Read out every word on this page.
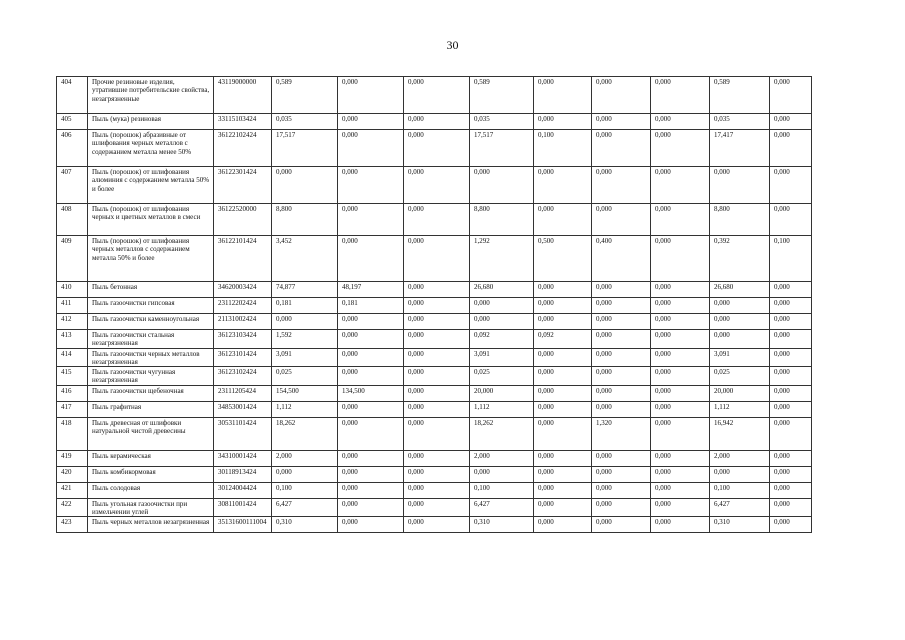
30
404	Прочие резиновые изделия, утратившие потребительские свойства, незагрязненные	43119000000	0,589	0,000	0,000	0,589	0,000	0,000	0,000	0,589	0,000
405	Пыль (мука) резиновая	33115103424	0,035	0,000	0,000	0,035	0,000	0,000	0,000	0,035	0,000
406	Пыль (порошок) абразивные от шлифования черных металлов с содержанием металла менее 50%	36122102424	17,517	0,000	0,000	17,517	0,100	0,000	0,000	17,417	0,000
407	Пыль (порошок) от шлифования алюминия с содержанием металла 50% и более	36122301424	0,000	0,000	0,000	0,000	0,000	0,000	0,000	0,000	0,000
408	Пыль (порошок) от шлифования черных и цветных металлов в смеси	36122520000	8,800	0,000	0,000	8,800	0,000	0,000	0,000	8,800	0,000
409	Пыль (порошок) от шлифования черных металлов с содержанием металла 50% и более	36122101424	3,452	0,000	0,000	1,292	0,500	0,400	0,000	0,392	0,100
410	Пыль бетонная	34620003424	74,877	48,197	0,000	26,680	0,000	0,000	0,000	26,680	0,000
411	Пыль газоочистки гипсовая	23112202424	0,181	0,181	0,000	0,000	0,000	0,000	0,000	0,000	0,000
412	Пыль газоочистки каменноугольная	21131002424	0,000	0,000	0,000	0,000	0,000	0,000	0,000	0,000	0,000
413	Пыль газоочистки стальная незагрязненная	36123103424	1,592	0,000	0,000	0,092	0,092	0,000	0,000	0,000	0,000
414	Пыль газоочистки черных металлов незагрязненная	36123101424	3,091	0,000	0,000	3,091	0,000	0,000	0,000	3,091	0,000
415	Пыль газоочистки чугунная незагрязненная	36123102424	0,025	0,000	0,000	0,025	0,000	0,000	0,000	0,025	0,000
416	Пыль газоочистки щебеночная	23111205424	154,500	134,500	0,000	20,000	0,000	0,000	0,000	20,000	0,000
417	Пыль графитная	34853001424	1,112	0,000	0,000	1,112	0,000	0,000	0,000	1,112	0,000
418	Пыль древесная от шлифовки натуральной чистой древесины	30531101424	18,262	0,000	0,000	18,262	0,000	1,320	0,000	16,942	0,000
419	Пыль керамическая	34310001424	2,000	0,000	0,000	2,000	0,000	0,000	0,000	2,000	0,000
420	Пыль комбикормовая	30118913424	0,000	0,000	0,000	0,000	0,000	0,000	0,000	0,000	0,000
421	Пыль солодовая	30124004424	0,100	0,000	0,000	0,100	0,000	0,000	0,000	0,100	0,000
422	Пыль угольная газоочистки при измельчении углей	30811001424	6,427	0,000	0,000	6,427	0,000	0,000	0,000	6,427	0,000
423	Пыль черных металлов незагрязненная	35131600111004	0,310	0,000	0,000	0,310	0,000	0,000	0,000	0,310	0,000
